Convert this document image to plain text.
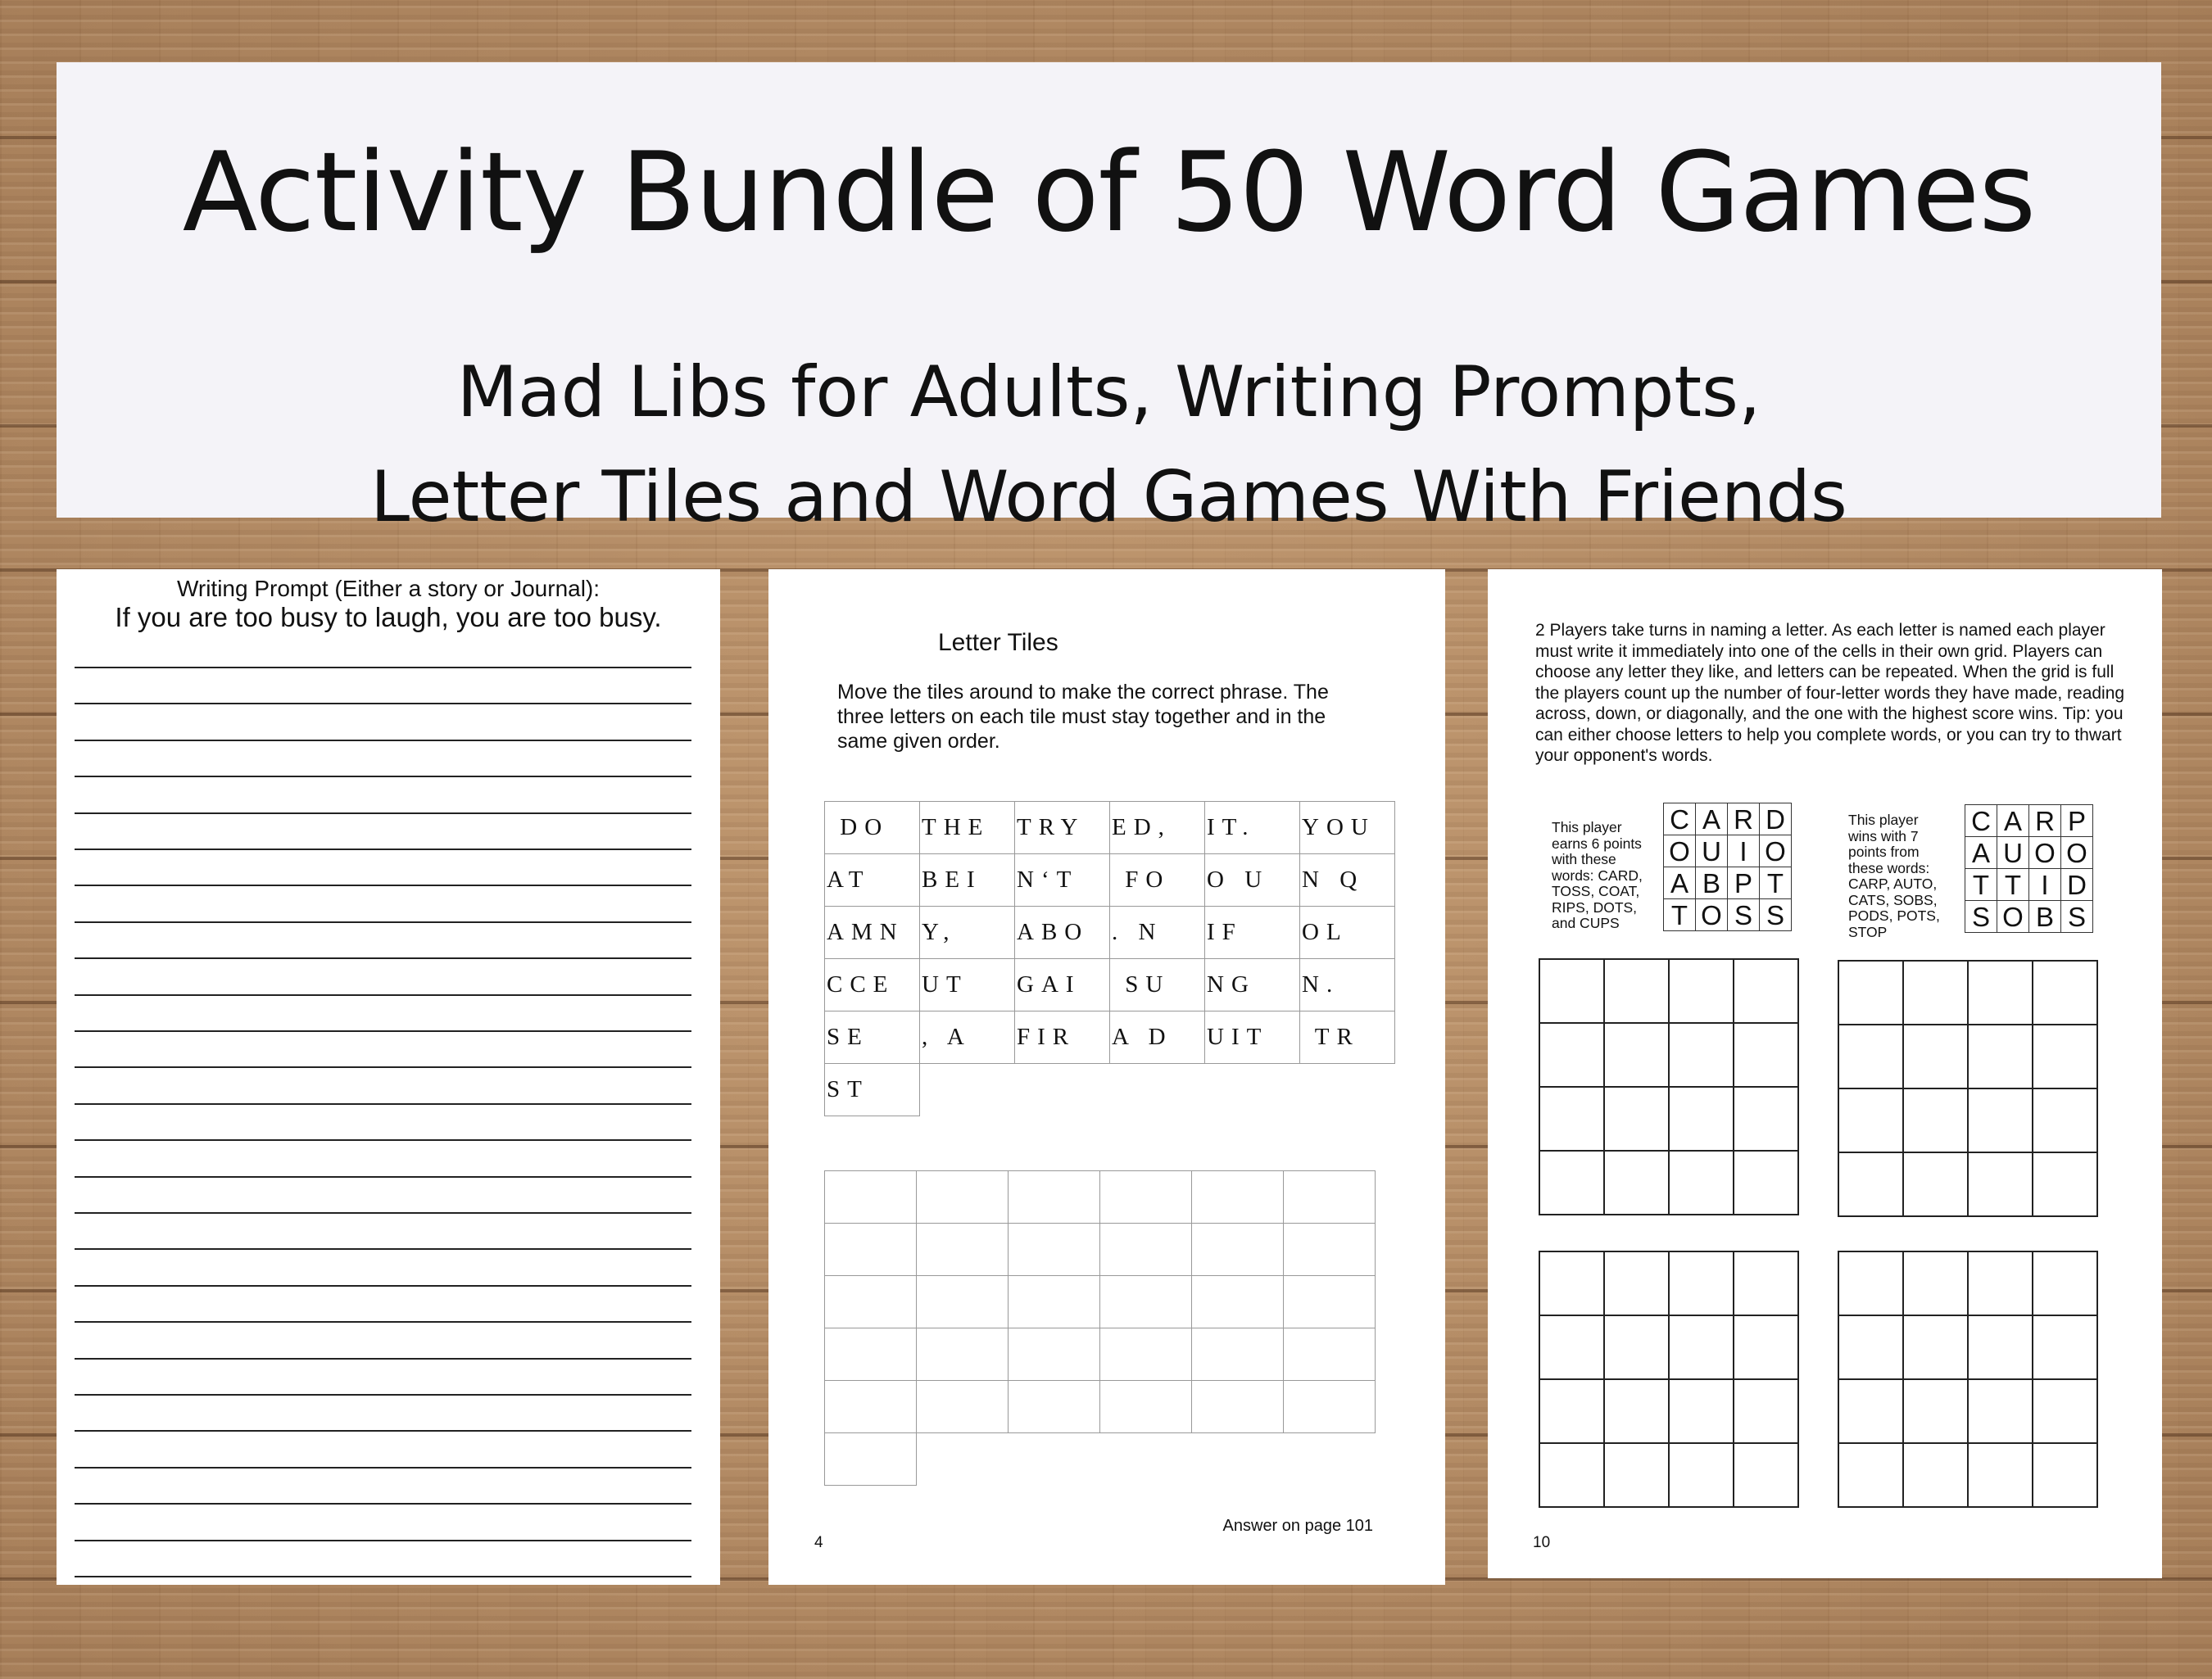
Activity Bundle of 50 Word Games
Mad Libs for Adults, Writing Prompts,
Letter Tiles and Word Games With Friends
Writing Prompt (Either a story or Journal):
If you are too busy to laugh, you are too busy.
Letter Tiles
Move the tiles around to make the correct phrase. The three letters on each tile must stay together and in the same given order.
DO	THE	TRY	ED,	IT.	YOU
AT	BEI	N‘T	FO	O U	N Q
AMN	Y,	ABO	. N	IF	OL
CCE	UT	GAI	SU	NG	N.
SE	, A	FIR	A D	UIT	TR
ST					

Answer on page 101
4
2 Players take turns in naming a letter. As each letter is named each player must write it immediately into one of the cells in their own grid. Players can choose any letter they like, and letters can be repeated. When the grid is full the players count up the number of four-letter words they have made, reading across, down, or diagonally, and the one with the highest score wins. Tip: you can either choose letters to help you complete words, or you can try to thwart your opponent's words.
This player earns 6 points with these words: CARD, TOSS, COAT, RIPS, DOTS, and CUPS
C	A	R	D
O	U	I	O
A	B	P	T
T	O	S	S
This player wins with 7 points from these words: CARP, AUTO, CATS, SOBS, PODS, POTS, STOP
C	A	R	P
A	U	O	O
T	T	I	D
S	O	B	S

10
